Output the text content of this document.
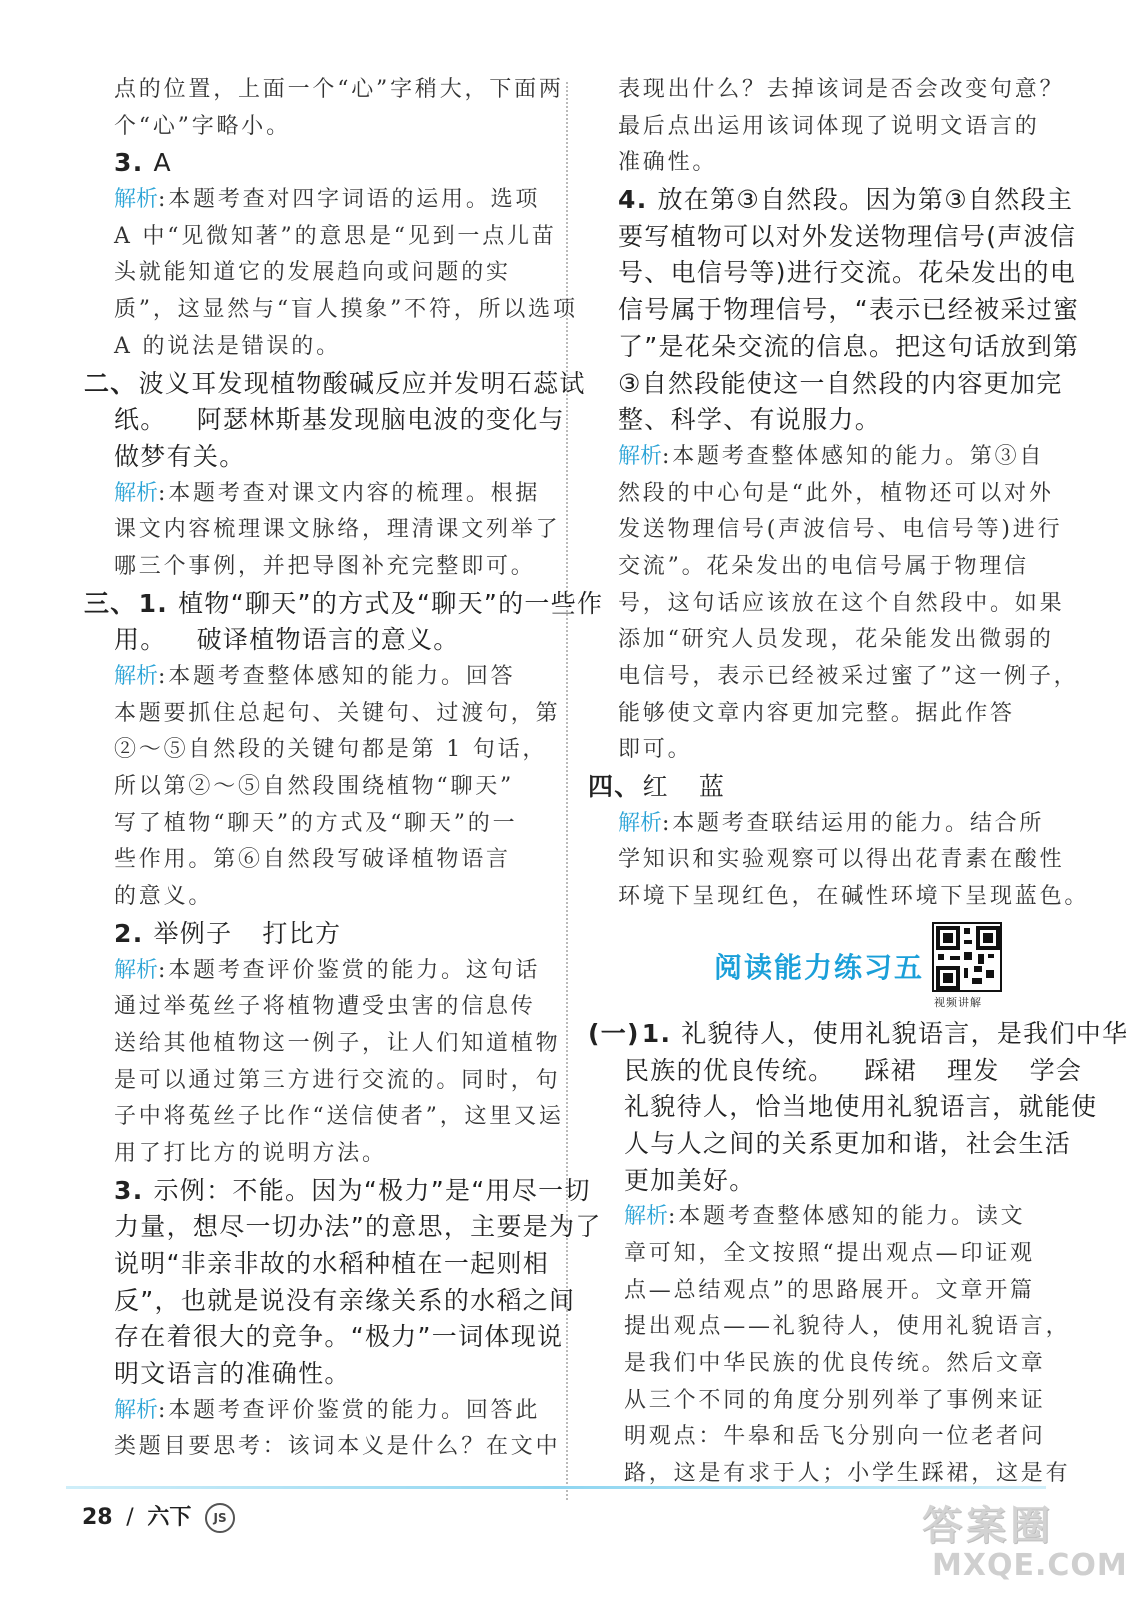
点的位置，上面一个“心”字稍大，下面两
个“心”字略小。
3. A
解析:本题考查对四字词语的运用。选项
A 中“见微知著”的意思是“见到一点儿苗
头就能知道它的发展趋向或问题的实
质”，这显然与“盲人摸象”不符，所以选项
A 的说法是错误的。
二、波义耳发现植物酸碱反应并发明石蕊试
纸。 阿瑟林斯基发现脑电波的变化与
做梦有关。
解析:本题考查对课文内容的梳理。根据
课文内容梳理课文脉络，理清课文列举了
哪三个事例，并把导图补充完整即可。
三、1. 植物“聊天”的方式及“聊天”的一些作
用。 破译植物语言的意义。
解析:本题考查整体感知的能力。回答
本题要抓住总起句、关键句、过渡句，第
②～⑤自然段的关键句都是第 1 句话，
所以第②～⑤自然段围绕植物“聊天”
写了植物“聊天”的方式及“聊天”的一
些作用。第⑥自然段写破译植物语言
的意义。
2. 举例子 打比方
解析:本题考查评价鉴赏的能力。这句话
通过举菟丝子将植物遭受虫害的信息传
送给其他植物这一例子，让人们知道植物
是可以通过第三方进行交流的。同时，句
子中将菟丝子比作“送信使者”，这里又运
用了打比方的说明方法。
3. 示例：不能。因为“极力”是“用尽一切
力量，想尽一切办法”的意思，主要是为了
说明“非亲非故的水稻种植在一起则相
反”，也就是说没有亲缘关系的水稻之间
存在着很大的竞争。“极力”一词体现说
明文语言的准确性。
解析:本题考查评价鉴赏的能力。回答此
类题目要思考：该词本义是什么？在文中
表现出什么？去掉该词是否会改变句意？
最后点出运用该词体现了说明文语言的
准确性。
4. 放在第③自然段。因为第③自然段主
要写植物可以对外发送物理信号(声波信
号、电信号等)进行交流。花朵发出的电
信号属于物理信号，“表示已经被采过蜜
了”是花朵交流的信息。把这句话放到第
③自然段能使这一自然段的内容更加完
整、科学、有说服力。
解析:本题考查整体感知的能力。第③自
然段的中心句是“此外，植物还可以对外
发送物理信号(声波信号、电信号等)进行
交流”。花朵发出的电信号属于物理信
号，这句话应该放在这个自然段中。如果
添加“研究人员发现，花朵能发出微弱的
电信号，表示已经被采过蜜了”这一例子，
能够使文章内容更加完整。据此作答
即可。
四、红 蓝
解析:本题考查联结运用的能力。结合所
学知识和实验观察可以得出花青素在酸性
环境下呈现红色，在碱性环境下呈现蓝色。
阅读能力练习五
视频讲解
(一)1. 礼貌待人，使用礼貌语言，是我们中华
民族的优良传统。 踩裙 理发 学会
礼貌待人，恰当地使用礼貌语言，就能使
人与人之间的关系更加和谐，社会生活
更加美好。
解析:本题考查整体感知的能力。读文
章可知，全文按照“提出观点—印证观
点—总结观点”的思路展开。文章开篇
提出观点——礼貌待人，使用礼貌语言，
是我们中华民族的优良传统。然后文章
从三个不同的角度分别列举了事例来证
明观点：牛皋和岳飞分别向一位老者问
路，这是有求于人；小学生踩裙，这是有
28 / 六下 JS	答案圈
MXQE.COM
